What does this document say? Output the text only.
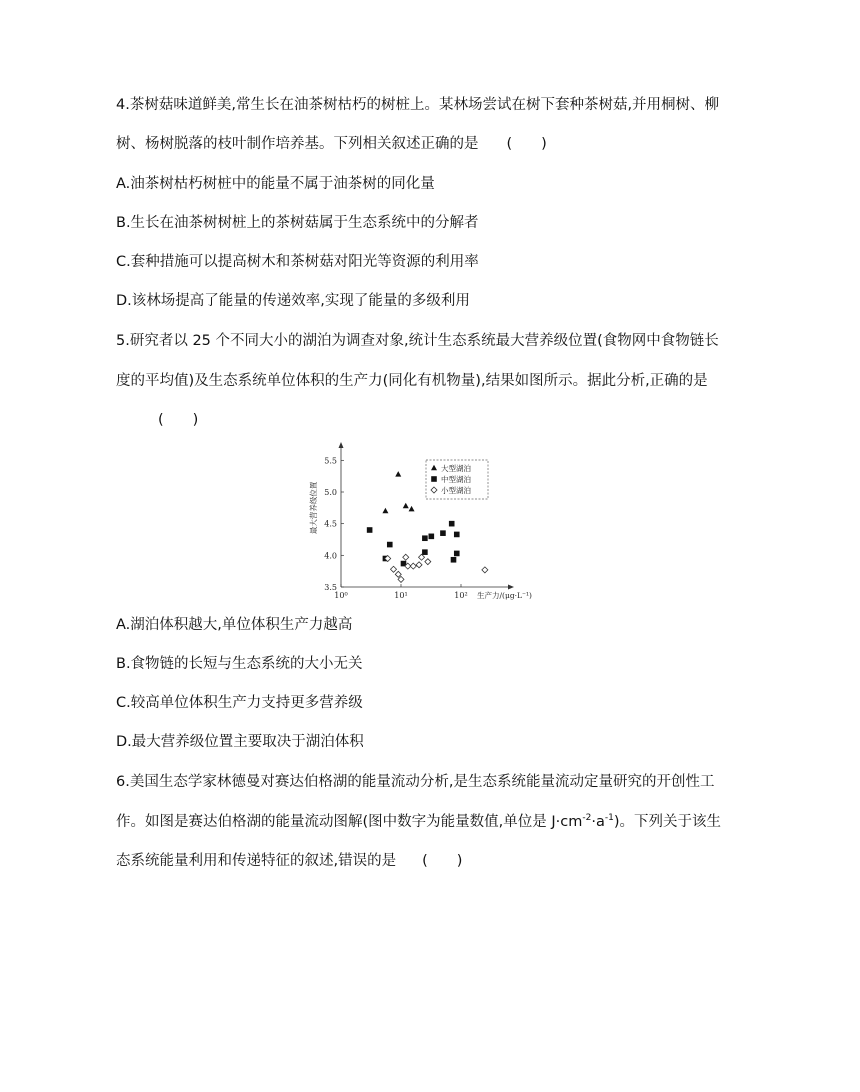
4.茶树菇味道鲜美,常生长在油茶树枯朽的树桩上。某林场尝试在树下套种茶树菇,并用桐树、柳
树、杨树脱落的枝叶制作培养基。下列相关叙述正确的是 (　　)
A.油茶树枯朽树桩中的能量不属于油茶树的同化量
B.生长在油茶树树桩上的茶树菇属于生态系统中的分解者
C.套种措施可以提高树木和茶树菇对阳光等资源的利用率
D.该林场提高了能量的传递效率,实现了能量的多级利用
5.研究者以 25 个不同大小的湖泊为调查对象,统计生态系统最大营养级位置(食物网中食物链长
度的平均值)及生态系统单位体积的生产力(同化有机物量),结果如图所示。据此分析,正确的是
(　　)
3.5
4.0
4.5
5.0
5.5
10⁰	10¹	10² 生产力/(μg·L⁻¹)
最大营养级位置
大型湖泊
中型湖泊
小型湖泊
A.湖泊体积越大,单位体积生产力越高
B.食物链的长短与生态系统的大小无关
C.较高单位体积生产力支持更多营养级
D.最大营养级位置主要取决于湖泊体积
6.美国生态学家林德曼对赛达伯格湖的能量流动分析,是生态系统能量流动定量研究的开创性工
作。如图是赛达伯格湖的能量流动图解(图中数字为能量数值,单位是 $J\cdot cm^{-2}\cdot a^{-1}$)。下列关于该生
态系统能量利用和传递特征的叙述,错误的是 (　　)
